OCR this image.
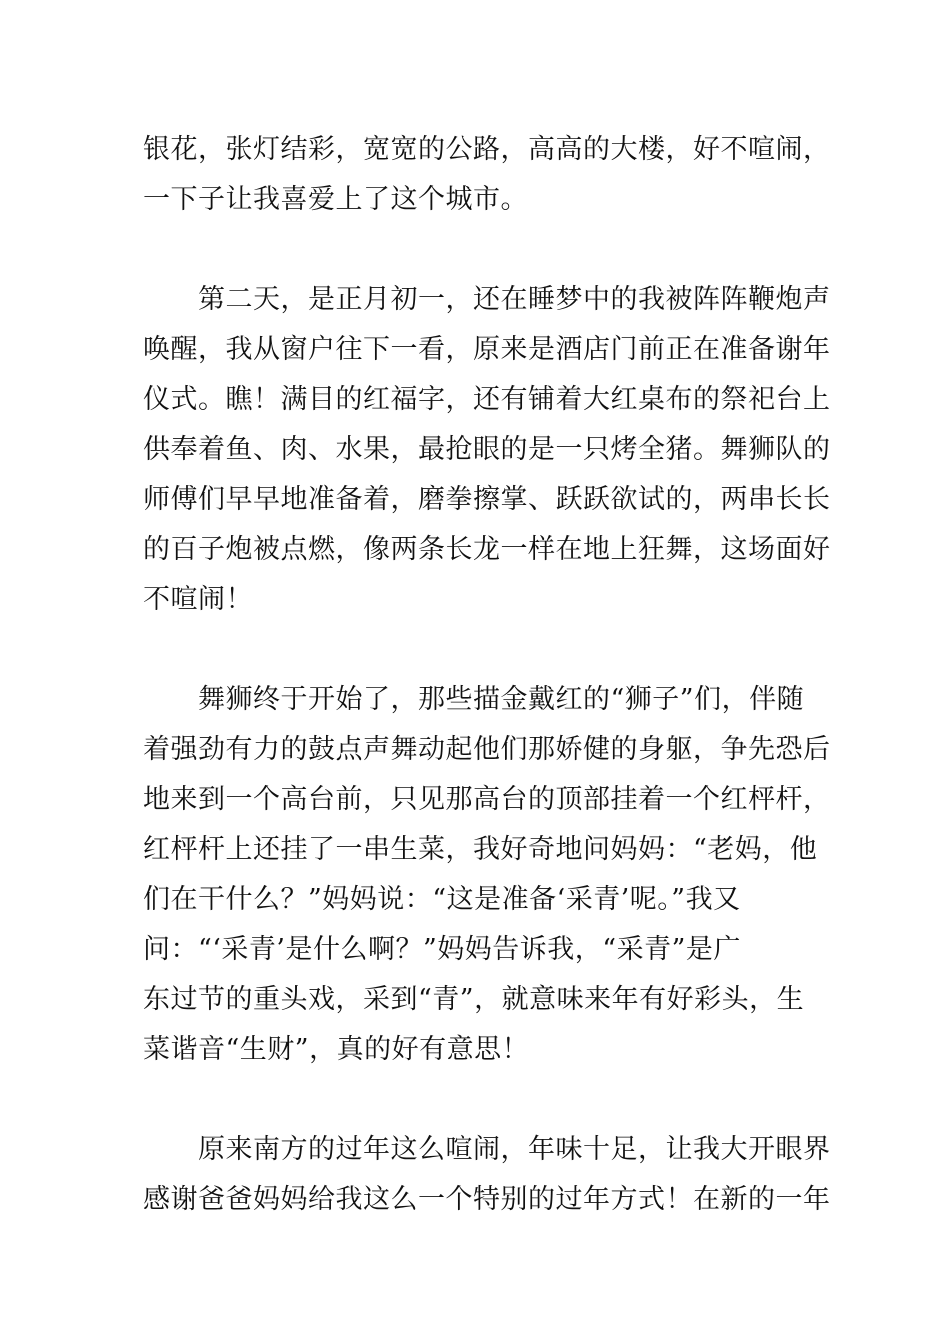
银花，张灯结彩，宽宽的公路，高高的大楼，好不喧闹，
一下子让我喜爱上了这个城市。
第二天，是正月初一，还在睡梦中的我被阵阵鞭炮声
唤醒，我从窗户往下一看，原来是酒店门前正在准备谢年
仪式。瞧！满目的红福字，还有铺着大红桌布的祭祀台上
供奉着鱼、肉、水果，最抢眼的是一只烤全猪。舞狮队的
师傅们早早地准备着，磨拳擦掌、跃跃欲试的，两串长长
的百子炮被点燃，像两条长龙一样在地上狂舞，这场面好
不喧闹！
舞狮终于开始了，那些描金戴红的“狮子”们，伴随
着强劲有力的鼓点声舞动起他们那娇健的身躯，争先恐后
地来到一个高台前，只见那高台的顶部挂着一个红枰杆，
红枰杆上还挂了一串生菜，我好奇地问妈妈：“老妈，他
们在干什么？”妈妈说：“这是准备‘采青’呢。”我又
问：“‘采青’是什么啊？”妈妈告诉我，“采青”是广
东过节的重头戏，采到“青”，就意味来年有好彩头，生
菜谐音“生财”，真的好有意思！
原来南方的过年这么喧闹，年味十足，让我大开眼界
感谢爸爸妈妈给我这么一个特别的过年方式！在新的一年
